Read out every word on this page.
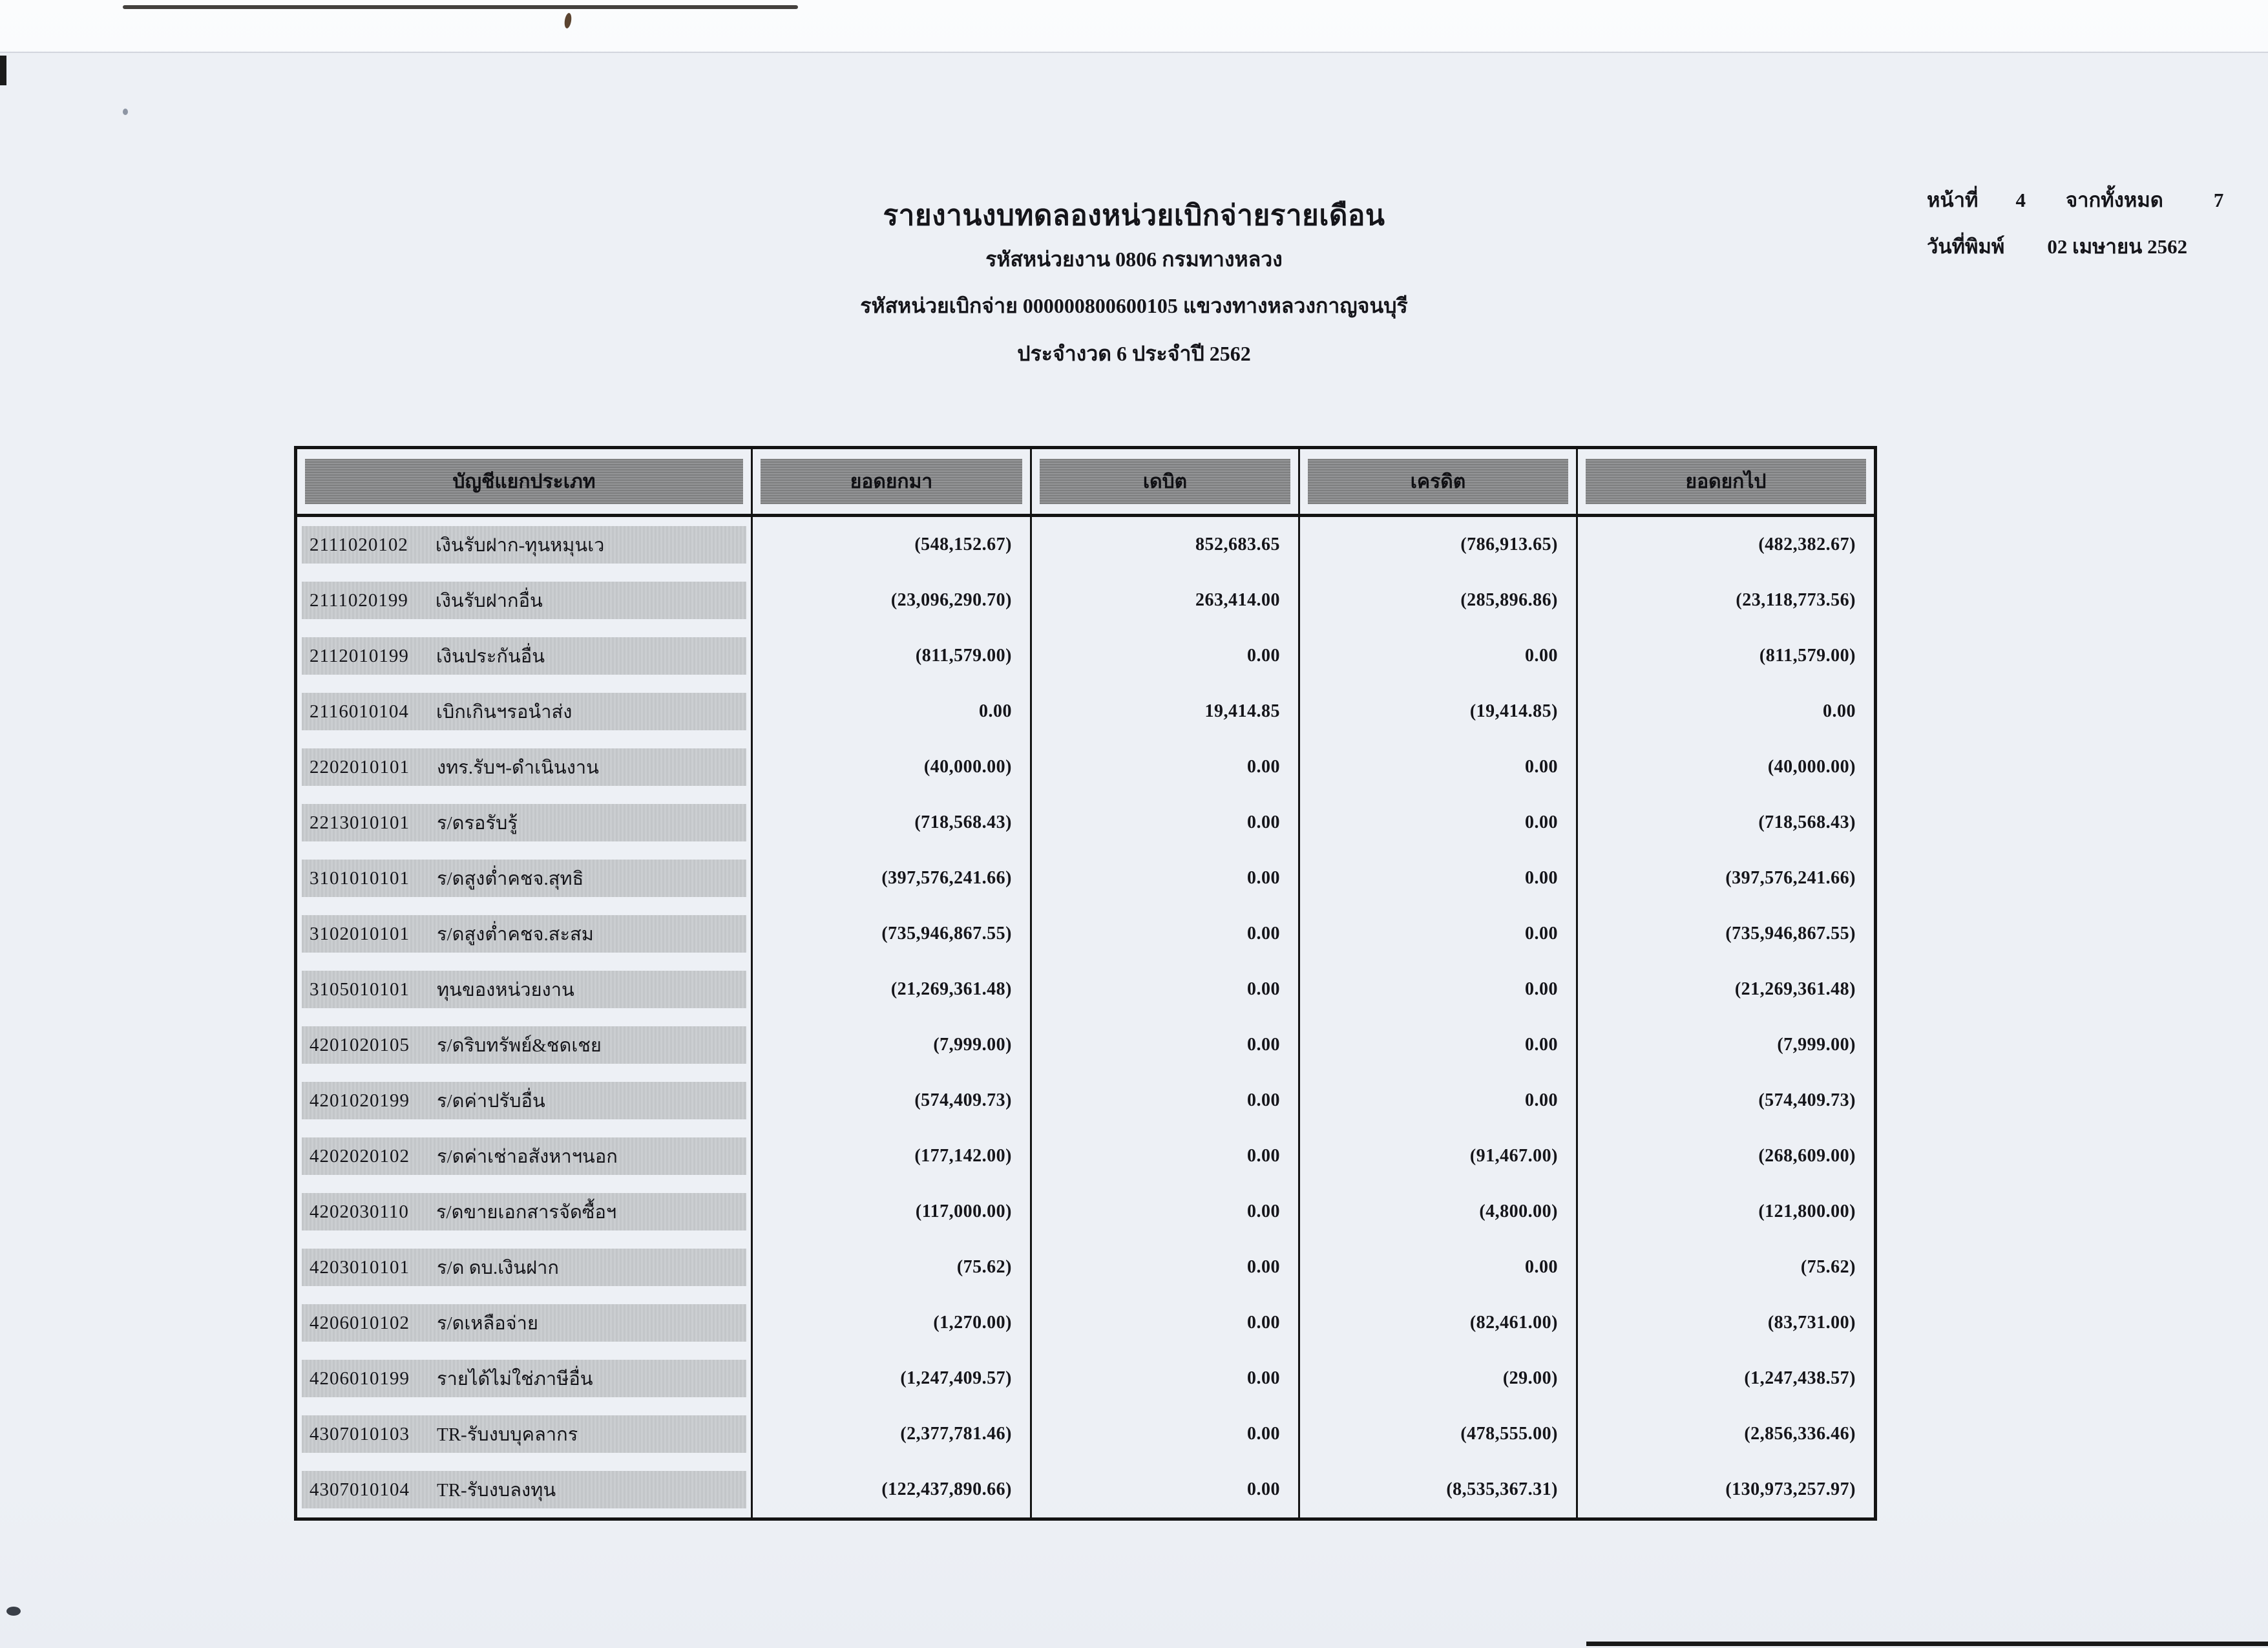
รายงานงบทดลองหน่วยเบิกจ่ายรายเดือน
รหัสหน่วยงาน 0806 กรมทางหลวง
รหัสหน่วยเบิกจ่าย 000000800600105 แขวงทางหลวงกาญจนบุรี
ประจำงวด 6 ประจำปี 2562
หน้าที่ 4 จากทั้งหมด	7
วันที่พิมพ์ 02 เมษายน 2562
บัญชีแยกประเภท	ยอดยกมา	เดบิต	เครดิต	ยอดยกไป
2111020102 เงินรับฝาก-ทุนหมุนเว	(548,152.67)	852,683.65	(786,913.65)	(482,382.67)
2111020199 เงินรับฝากอื่น	(23,096,290.70)	263,414.00	(285,896.86)	(23,118,773.56)
2112010199 เงินประกันอื่น	(811,579.00)	0.00	0.00	(811,579.00)
2116010104 เบิกเกินฯรอนำส่ง	0.00	19,414.85	(19,414.85)	0.00
2202010101 งทร.รับฯ-ดำเนินงาน	(40,000.00)	0.00	0.00	(40,000.00)
2213010101 ร/ดรอรับรู้	(718,568.43)	0.00	0.00	(718,568.43)
3101010101 ร/ดสูงต่ำคชจ.สุทธิ	(397,576,241.66)	0.00	0.00	(397,576,241.66)
3102010101 ร/ดสูงต่ำคชจ.สะสม	(735,946,867.55)	0.00	0.00	(735,946,867.55)
3105010101 ทุนของหน่วยงาน	(21,269,361.48)	0.00	0.00	(21,269,361.48)
4201020105 ร/ดริบทรัพย์&ชดเชย	(7,999.00)	0.00	0.00	(7,999.00)
4201020199 ร/ดค่าปรับอื่น	(574,409.73)	0.00	0.00	(574,409.73)
4202020102 ร/ดค่าเช่าอสังหาฯนอก	(177,142.00)	0.00	(91,467.00)	(268,609.00)
4202030110 ร/ดขายเอกสารจัดซื้อฯ	(117,000.00)	0.00	(4,800.00)	(121,800.00)
4203010101 ร/ด ดบ.เงินฝาก	(75.62)	0.00	0.00	(75.62)
4206010102 ร/ดเหลือจ่าย	(1,270.00)	0.00	(82,461.00)	(83,731.00)
4206010199 รายได้ไม่ใช่ภาษีอื่น	(1,247,409.57)	0.00	(29.00)	(1,247,438.57)
4307010103 TR-รับงบบุคลากร	(2,377,781.46)	0.00	(478,555.00)	(2,856,336.46)
4307010104 TR-รับงบลงทุน	(122,437,890.66)	0.00	(8,535,367.31)	(130,973,257.97)
